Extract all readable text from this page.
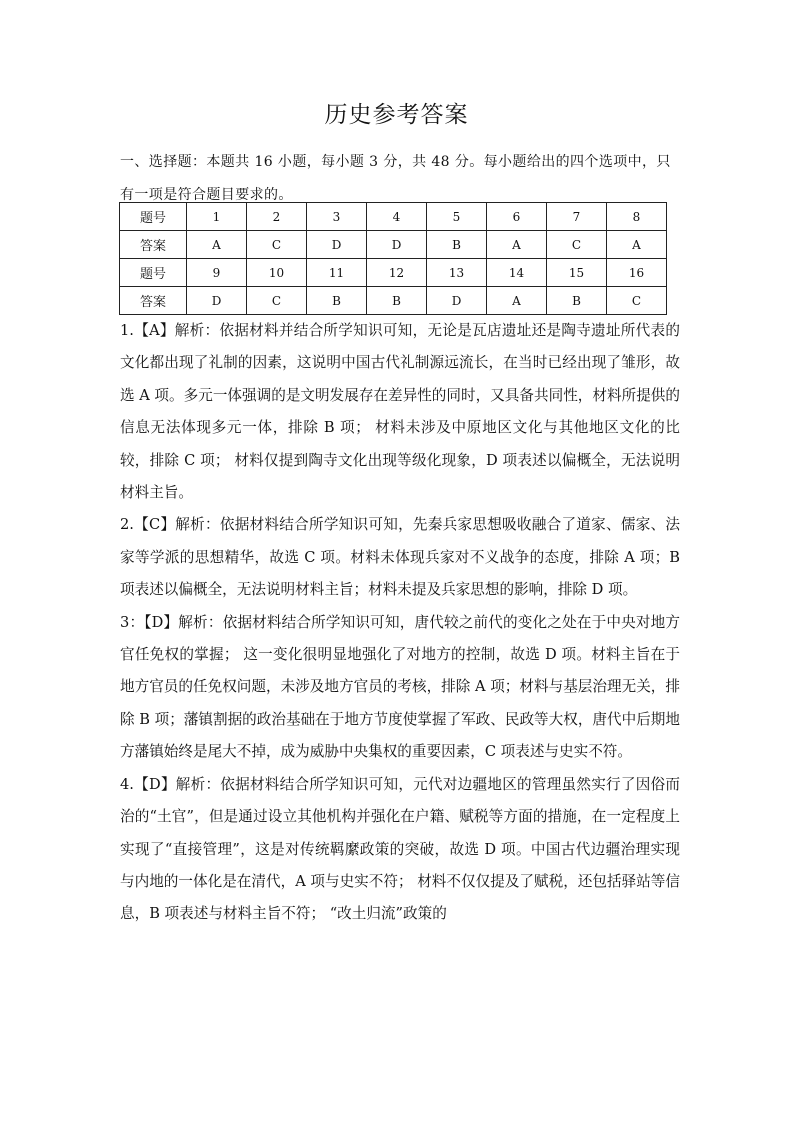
历史参考答案
一、选择题：本题共 16 小题，每小题 3 分，共 48 分。每小题给出的四个选项中，只有一项是符合题目要求的。
题号	1	2	3	4	5	6	7	8
答案	A	C	D	D	B	A	C	A
题号	9	10	11	12	13	14	15	16
答案	D	C	B	B	D	A	B	C

1.【A】解析：依据材料并结合所学知识可知，无论是瓦店遗址还是陶寺遗址所代表的文化都出现了礼制的因素，这说明中国古代礼制源远流长，在当时已经出现了雏形，故选 A 项。多元一体强调的是文明发展存在差异性的同时，又具备共同性，材料所提供的信息无法体现多元一体，排除 B 项； 材料未涉及中原地区文化与其他地区文化的比较，排除 C 项； 材料仅提到陶寺文化出现等级化现象，D 项表述以偏概全，无法说明材料主旨。

2.【C】解析：依据材料结合所学知识可知，先秦兵家思想吸收融合了道家、儒家、法家等学派的思想精华，故选 C 项。材料未体现兵家对不义战争的态度，排除 A 项；B 项表述以偏概全，无法说明材料主旨；材料未提及兵家思想的影响，排除 D 项。

3：【D】解析：依据材料结合所学知识可知，唐代较之前代的变化之处在于中央对地方官任免权的掌握； 这一变化很明显地强化了对地方的控制，故选 D 项。材料主旨在于地方官员的任免权问题，未涉及地方官员的考核，排除 A 项；材料与基层治理无关，排除 B 项；藩镇割据的政治基础在于地方节度使掌握了军政、民政等大权，唐代中后期地方藩镇始终是尾大不掉，成为威胁中央集权的重要因素，C 项表述与史实不符。

4.【D】解析：依据材料结合所学知识可知，元代对边疆地区的管理虽然实行了因俗而治的“土官”，但是通过设立其他机构并强化在户籍、赋税等方面的措施，在一定程度上实现了“直接管理”，这是对传统羁縻政策的突破，故选 D 项。中国古代边疆治理实现与内地的一体化是在清代，A 项与史实不符； 材料不仅仅提及了赋税，还包括驿站等信息，B 项表述与材料主旨不符； “改土归流”政策的
